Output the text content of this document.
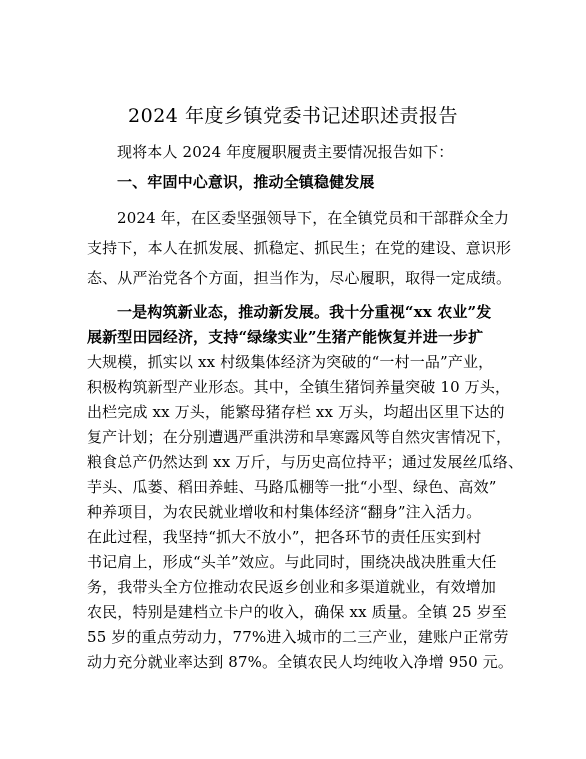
2024 年度乡镇党委书记述职述责报告
现将本人 2024 年度履职履责主要情况报告如下：
一、牢固中心意识，推动全镇稳健发展
2024 年，在区委坚强领导下，在全镇党员和干部群众全力
支持下，本人在抓发展、抓稳定、抓民生；在党的建设、意识形
态、从严治党各个方面，担当作为，尽心履职，取得一定成绩。
一是构筑新业态，推动新发展。我十分重视“xx 农业”发
展新型田园经济，支持“绿缘实业”生猪产能恢复并进一步扩
大规模，抓实以 xx 村级集体经济为突破的“一村一品”产业，
积极构筑新型产业形态。其中，全镇生猪饲养量突破 10 万头，
出栏完成 xx 万头，能繁母猪存栏 xx 万头，均超出区里下达的
复产计划；在分别遭遇严重洪涝和旱寒露风等自然灾害情况下，
粮食总产仍然达到 xx 万斤，与历史高位持平；通过发展丝瓜络、
芋头、瓜蒌、稻田养蛙、马路瓜棚等一批“小型、绿色、高效”
种养项目，为农民就业增收和村集体经济“翻身”注入活力。
在此过程，我坚持“抓大不放小”，把各环节的责任压实到村
书记肩上，形成“头羊”效应。与此同时，围绕决战决胜重大任
务，我带头全方位推动农民返乡创业和多渠道就业，有效增加
农民，特别是建档立卡户的收入，确保 xx 质量。全镇 25 岁至
55 岁的重点劳动力，77%进入城市的二三产业，建账户正常劳
动力充分就业率达到 87%。全镇农民人均纯收入净增 950 元。
